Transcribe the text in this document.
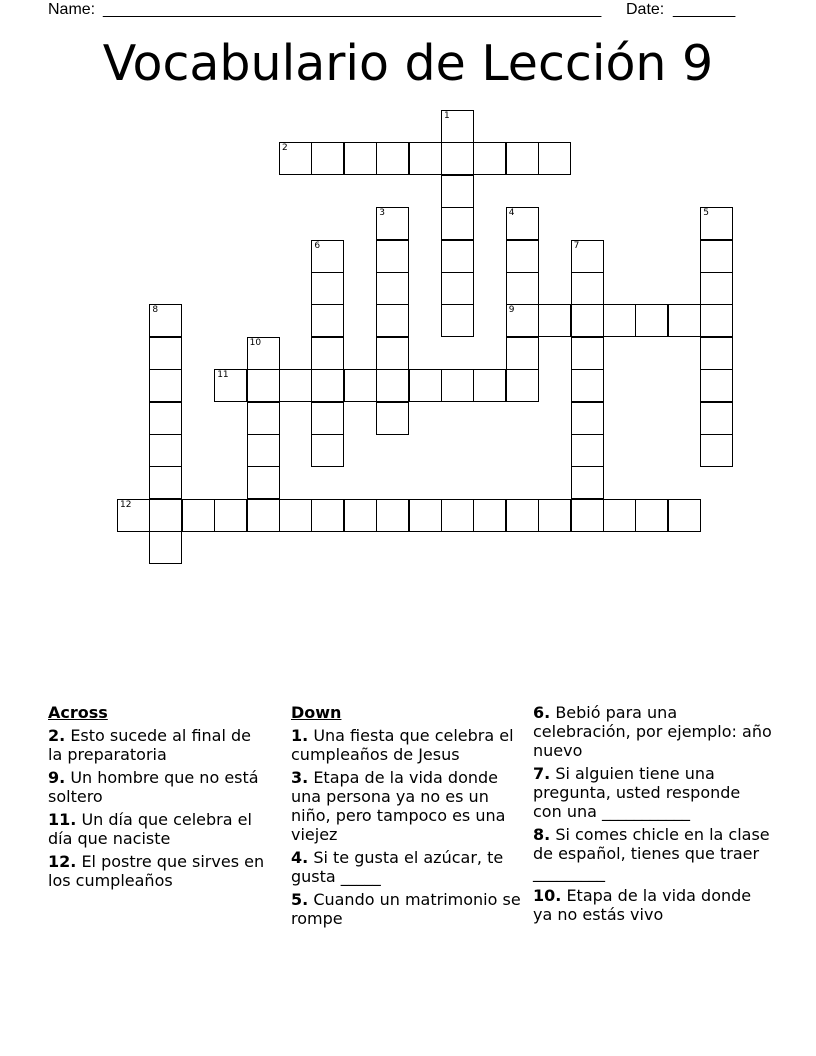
Name: ________________________________________________________ Date: _______
Vocabulario de Lección 9
1
2
3	4
9
5
6	7
8
10
11
12
Across
2. Esto sucede al final de la preparatoria
9. Un hombre que no está soltero
11. Un día que celebra el día que naciste
12. El postre que sirves en los cumpleaños
Down
1. Una fiesta que celebra el cumpleaños de Jesus
3. Etapa de la vida donde una persona ya no es un niño, pero tampoco es una viejez
4. Si te gusta el azúcar, te gusta _____
5. Cuando un matrimonio se rompe
6. Bebió para una celebración, por ejemplo: año nuevo
7. Si alguien tiene una pregunta, usted responde con una ___________
8. Si comes chicle en la clase de español, tienes que traer _________
10. Etapa de la vida donde ya no estás vivo
